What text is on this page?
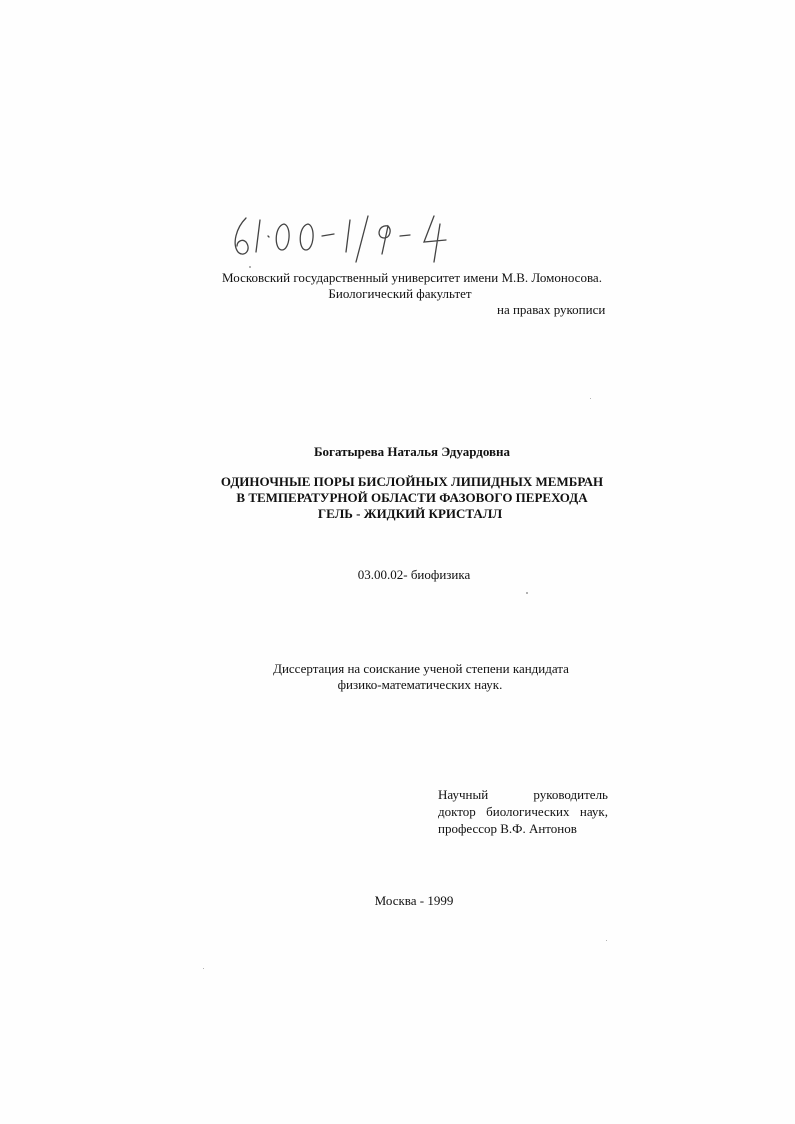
Московский государственный университет имени М.В. Ломоносова.
Биологический факультет
на правах рукописи
Богатырева Наталья Эдуардовна
ОДИНОЧНЫЕ ПОРЫ БИСЛОЙНЫХ ЛИПИДНЫХ МЕМБРАН
В ТЕМПЕРАТУРНОЙ ОБЛАСТИ ФАЗОВОГО ПЕРЕХОДА
ГЕЛЬ - ЖИДКИЙ КРИСТАЛЛ
03.00.02- биофизика
Диссертация на соискание ученой степени кандидата
физико-математических наук.
Научный	руководитель
доктор биологических наук,
профессор В.Ф. Антонов
Москва - 1999
